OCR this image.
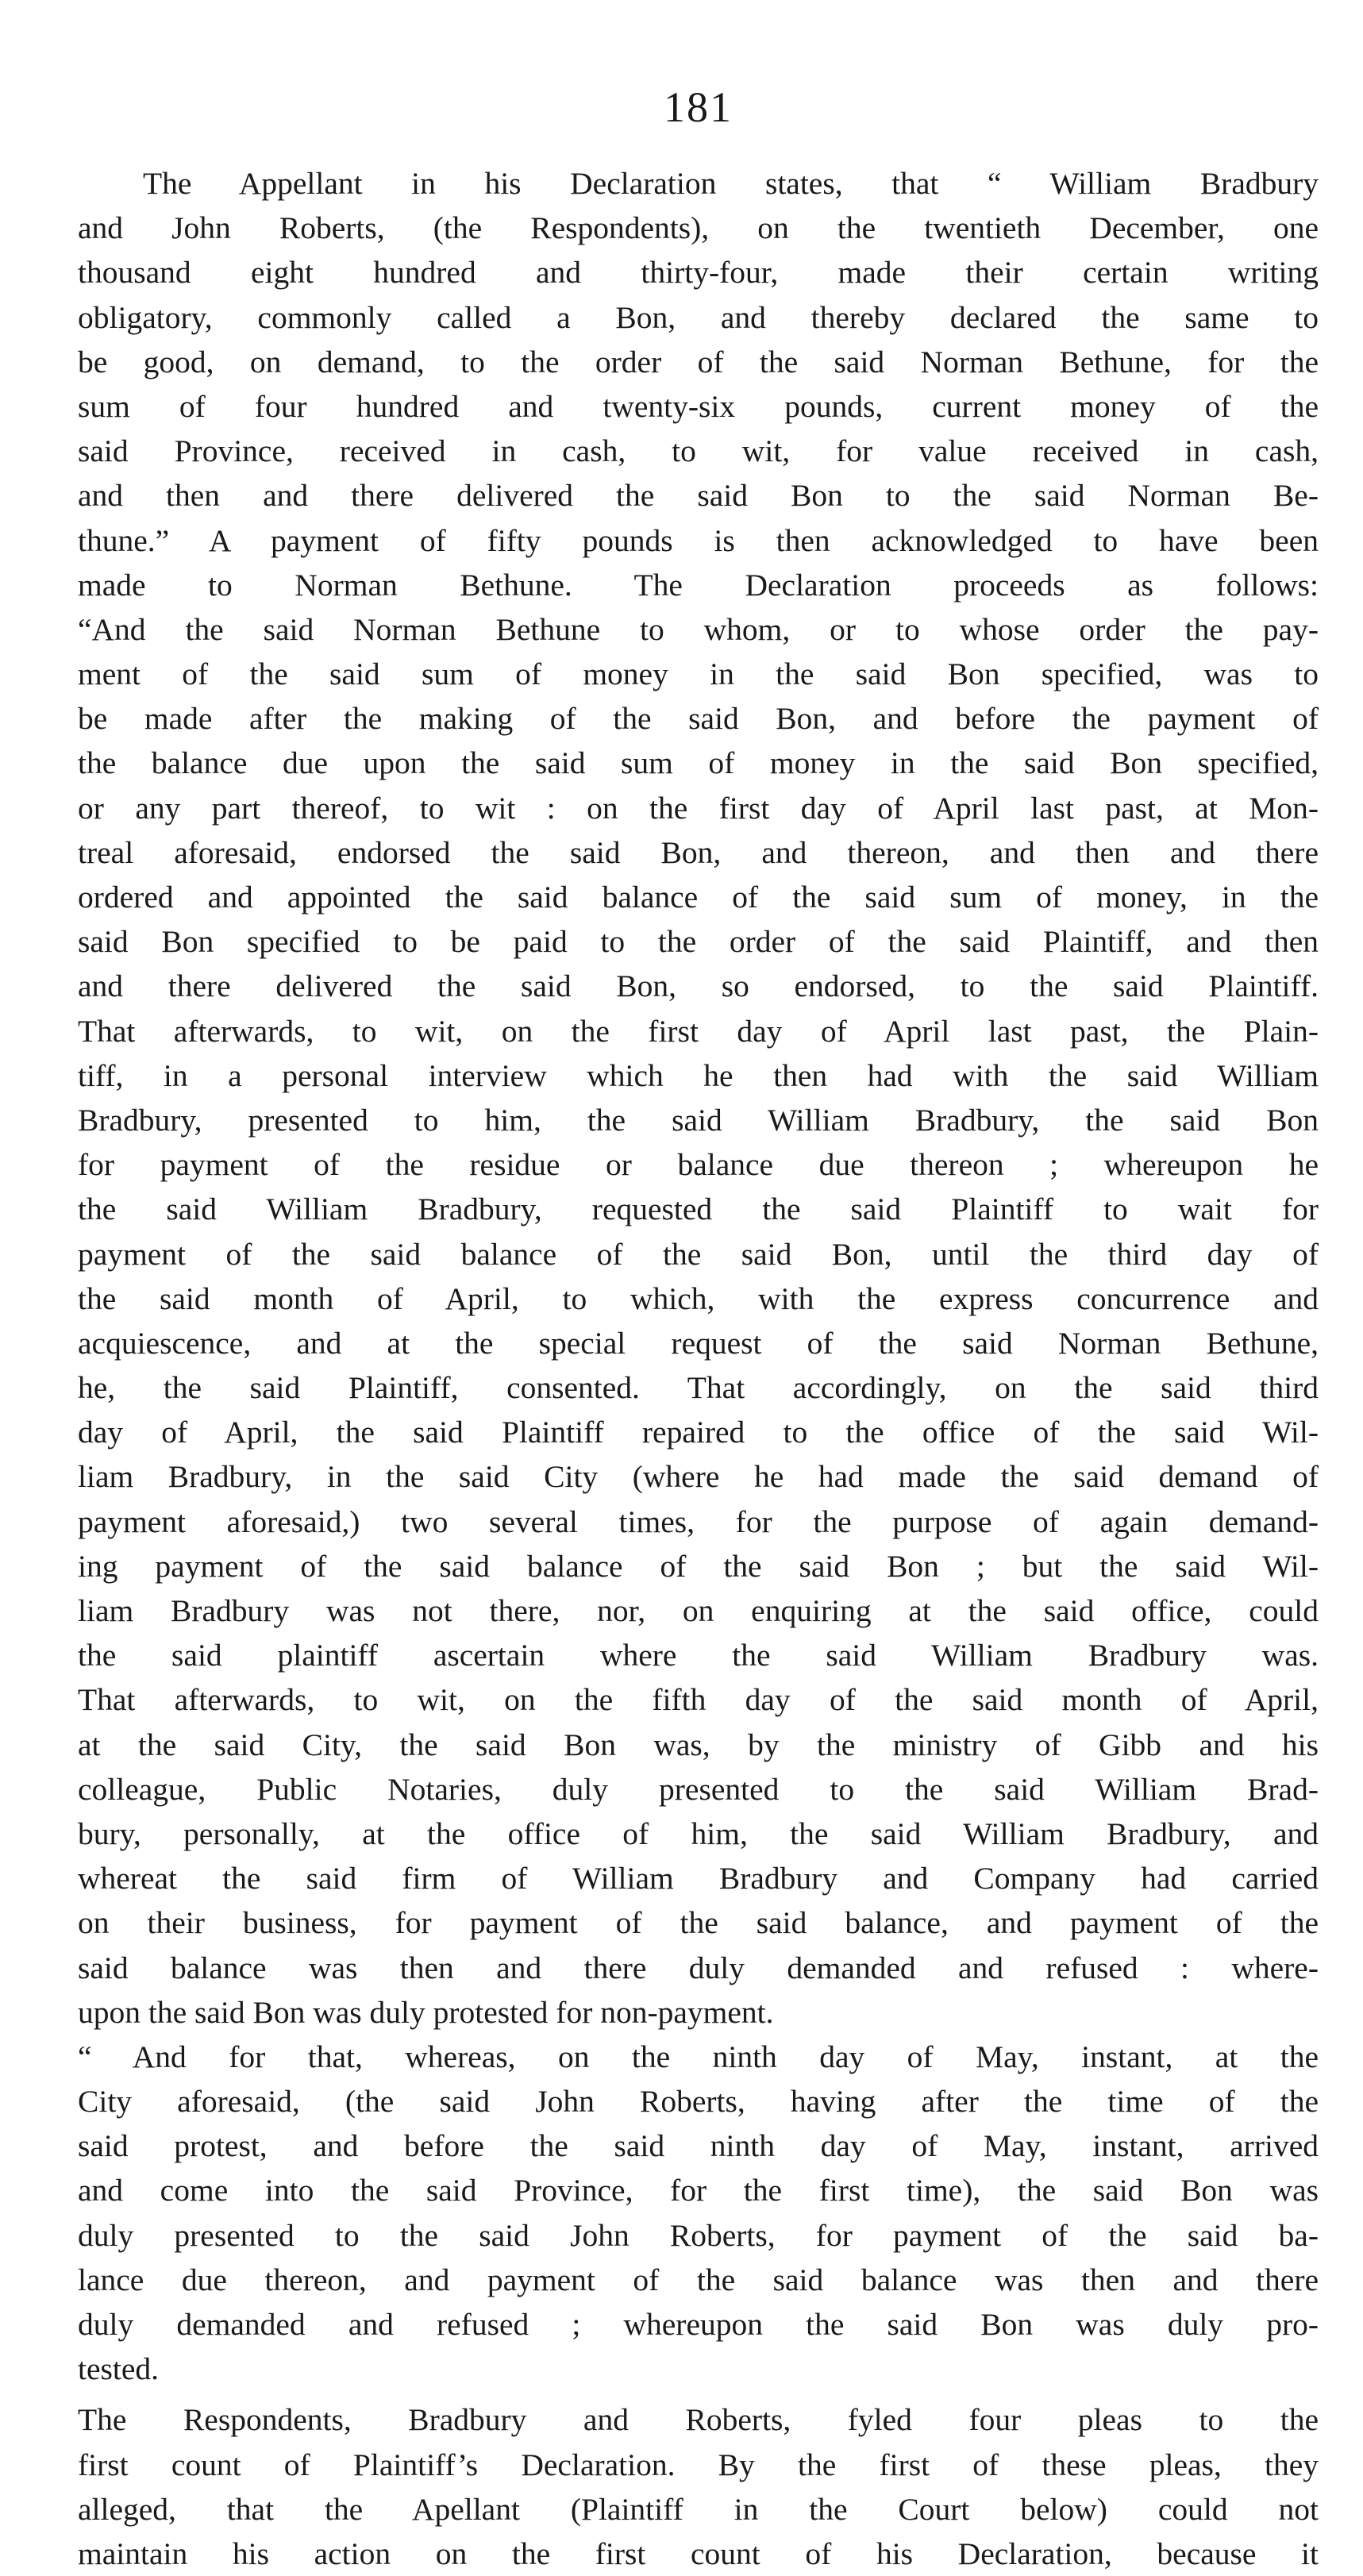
181
The Appellant in his Declaration states, that “ William Bradbury
and John Roberts, (the Respondents), on the twentieth December, one
thousand eight hundred and thirty-four, made their certain writing
obligatory, commonly called a Bon, and thereby declared the same to
be good, on demand, to the order of the said Norman Bethune, for the
sum of four hundred and twenty-six pounds, current money of the
said Province, received in cash, to wit, for value received in cash,
and then and there delivered the said Bon to the said Norman Be-
thune.” A payment of fifty pounds is then acknowledged to have been
made to Norman Bethune. The Declaration proceeds as follows:
“And the said Norman Bethune to whom, or to whose order the pay-
ment of the said sum of money in the said Bon specified, was to
be made after the making of the said Bon, and before the payment of
the balance due upon the said sum of money in the said Bon specified,
or any part thereof, to wit : on the first day of April last past, at Mon-
treal aforesaid, endorsed the said Bon, and thereon, and then and there
ordered and appointed the said balance of the said sum of money, in the
said Bon specified to be paid to the order of the said Plaintiff, and then
and there delivered the said Bon, so endorsed, to the said Plaintiff.
That afterwards, to wit, on the first day of April last past, the Plain-
tiff, in a personal interview which he then had with the said William
Bradbury, presented to him, the said William Bradbury, the said Bon
for payment of the residue or balance due thereon ; whereupon he
the said William Bradbury, requested the said Plaintiff to wait for
payment of the said balance of the said Bon, until the third day of
the said month of April, to which, with the express concurrence and
acquiescence, and at the special request of the said Norman Bethune,
he, the said Plaintiff, consented. That accordingly, on the said third
day of April, the said Plaintiff repaired to the office of the said Wil-
liam Bradbury, in the said City (where he had made the said demand of
payment aforesaid,) two several times, for the purpose of again demand-
ing payment of the said balance of the said Bon ; but the said Wil-
liam Bradbury was not there, nor, on enquiring at the said office, could
the said plaintiff ascertain where the said William Bradbury was.
That afterwards, to wit, on the fifth day of the said month of April,
at the said City, the said Bon was, by the ministry of Gibb and his
colleague, Public Notaries, duly presented to the said William Brad-
bury, personally, at the office of him, the said William Bradbury, and
whereat the said firm of William Bradbury and Company had carried
on their business, for payment of the said balance, and payment of the
said balance was then and there duly demanded and refused : where-
upon the said Bon was duly protested for non-payment.
“ And for that, whereas, on the ninth day of May, instant, at the
City aforesaid, (the said John Roberts, having after the time of the
said protest, and before the said ninth day of May, instant, arrived
and come into the said Province, for the first time), the said Bon was
duly presented to the said John Roberts, for payment of the said ba-
lance due thereon, and payment of the said balance was then and there
duly demanded and refused ; whereupon the said Bon was duly pro-
tested.
The Respondents, Bradbury and Roberts, fyled four pleas to the
first count of Plaintiff’s Declaration. By the first of these pleas, they
alleged, that the Apellant (Plaintiff in the Court below) could not
maintain his action on the first count of his Declaration, because it
